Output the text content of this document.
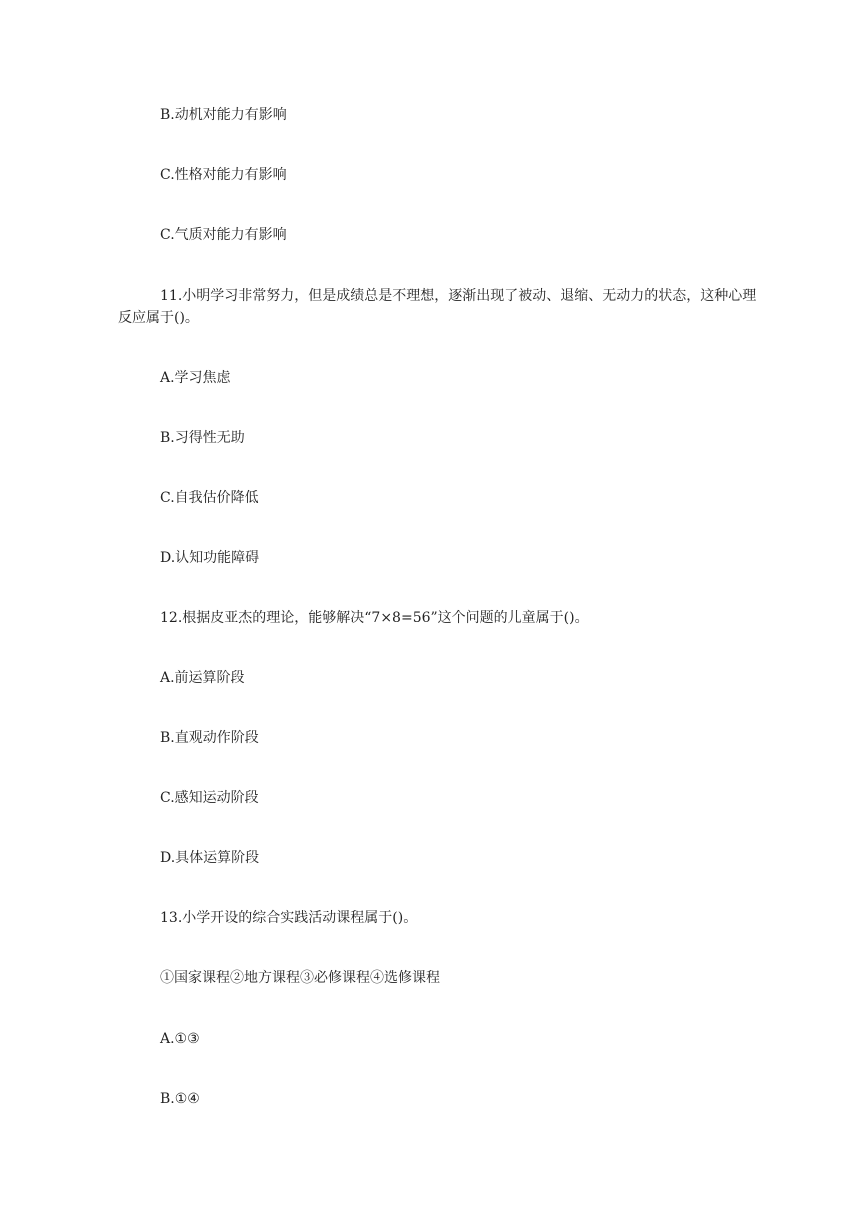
B.动机对能力有影响
C.性格对能力有影响
C.气质对能力有影响
11.小明学习非常努力，但是成绩总是不理想，逐渐出现了被动、退缩、无动力的状态，这种心理反应属于()。
A.学习焦虑
B.习得性无助
C.自我估价降低
D.认知功能障碍
12.根据皮亚杰的理论，能够解决“7×8=56”这个问题的儿童属于()。
A.前运算阶段
B.直观动作阶段
C.感知运动阶段
D.具体运算阶段
13.小学开设的综合实践活动课程属于()。
①国家课程②地方课程③必修课程④选修课程
A.①③
B.①④
